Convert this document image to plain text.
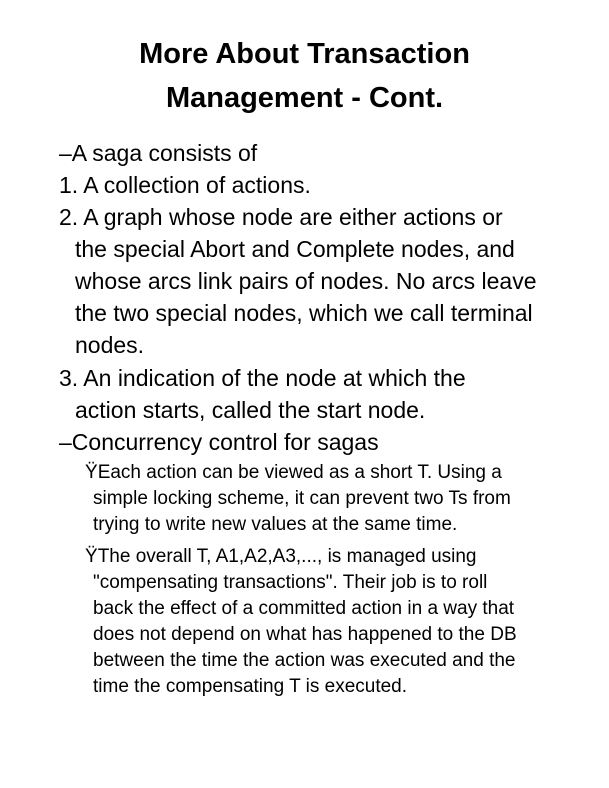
More About Transaction
Management - Cont.
–A saga consists of
1. A collection of actions.
2. A graph whose node are either actions or
the special Abort and Complete nodes, and
whose arcs link pairs of nodes. No arcs leave
the two special nodes, which we call terminal
nodes.
3. An indication of the node at which the
action starts, called the start node.
–Concurrency control for sagas
ŸEach action can be viewed as a short T. Using a
simple locking scheme, it can prevent two Ts from
trying to write new values at the same time.
ŸThe overall T, A1,A2,A3,..., is managed using
"compensating transactions". Their job is to roll
back the effect of a committed action in a way that
does not depend on what has happened to the DB
between the time the action was executed and the
time the compensating T is executed.
